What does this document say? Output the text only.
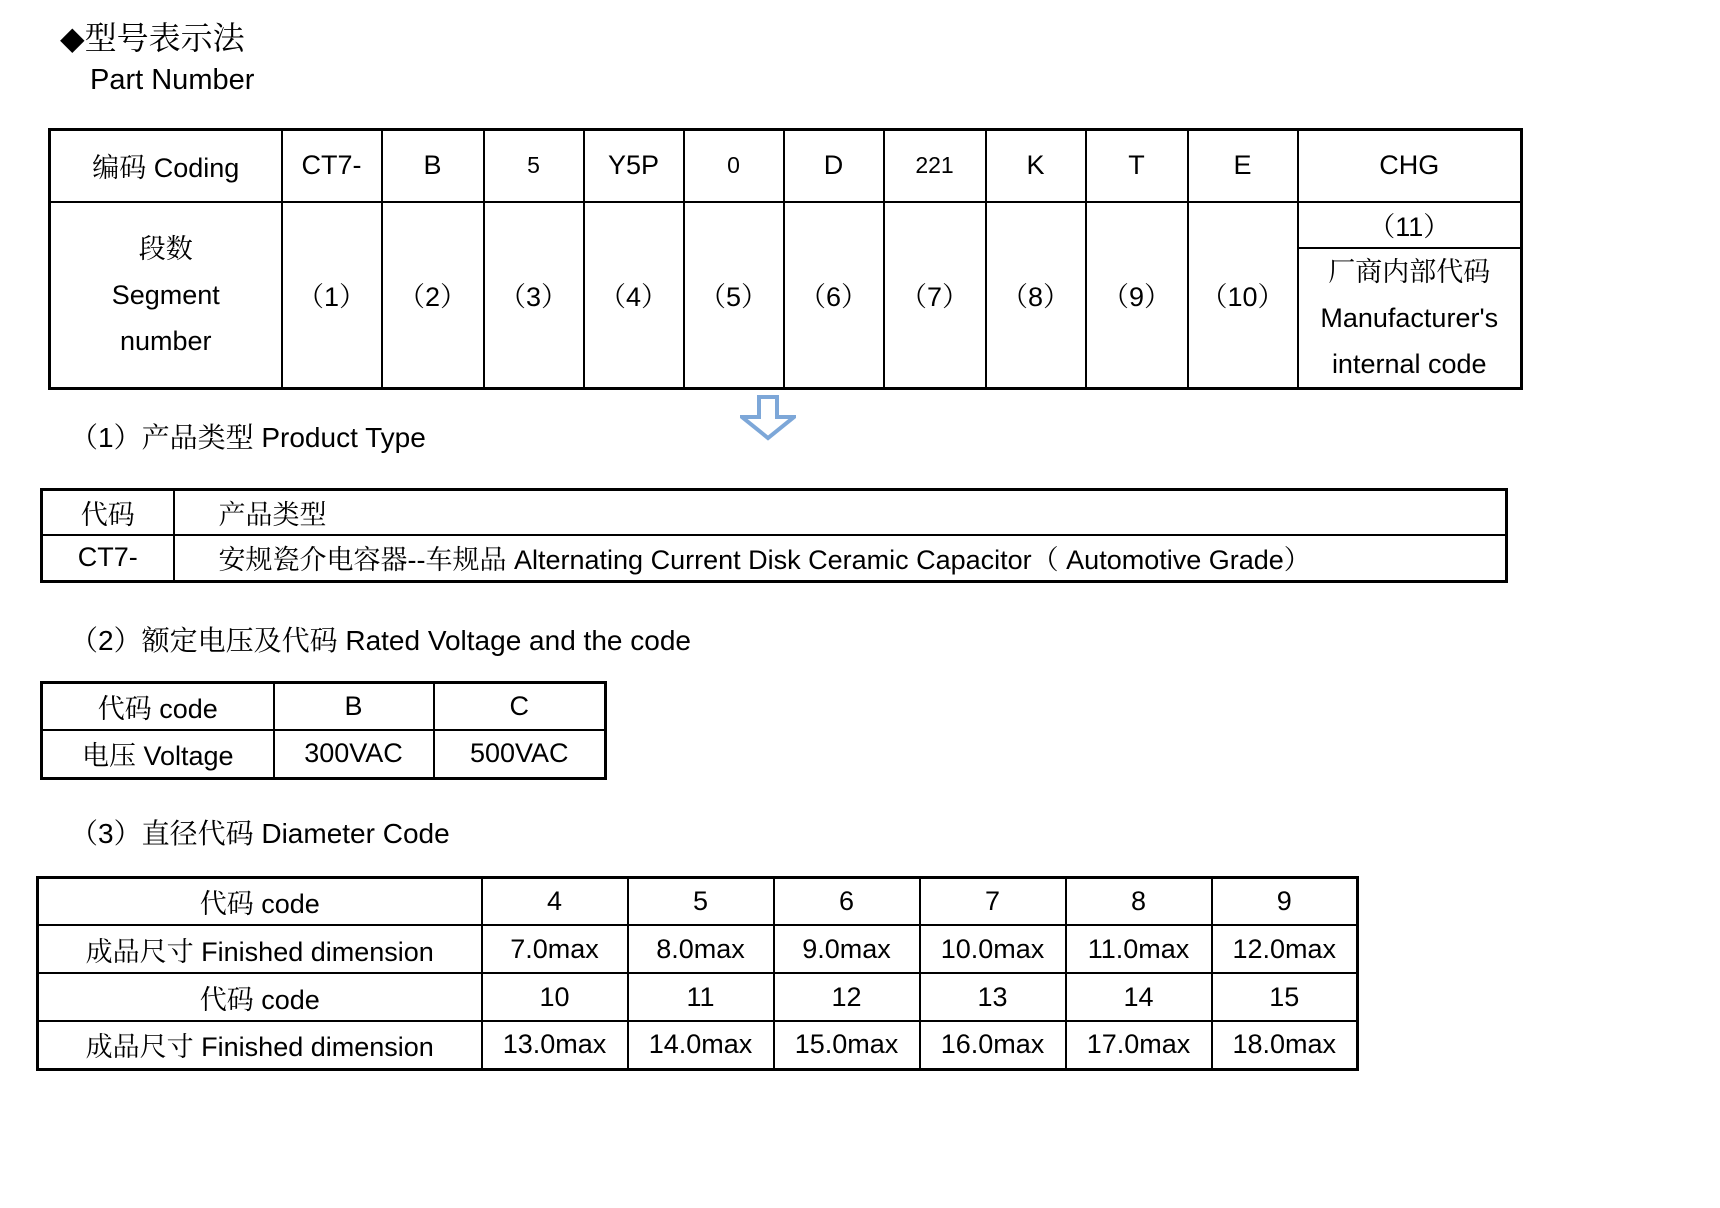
◆型号表示法
Part Number
编码 Coding	CT7-	B	5	Y5P	0	D	221	K	T	E	CHG

段数
Segment
number	（1）	（2）	（3）	（4）	（5）	（6）	（7）	（8）	（9）	（10）	（11）

											厂商内部代码
Manufacturer's
internal code
（1）产品类型 Product Type
代码	产品类型
CT7-	安规瓷介电容器--车规品 Alternating Current Disk Ceramic Capacitor（ Automotive Grade）
（2）额定电压及代码 Rated Voltage and the code
代码 code	B	C
电压 Voltage	300VAC	500VAC
（3）直径代码 Diameter Code
代码 code	4	5	6	7	8	9
成品尺寸 Finished dimension	7.0max	8.0max	9.0max	10.0max	11.0max	12.0max
代码 code	10	11	12	13	14	15
成品尺寸 Finished dimension	13.0max	14.0max	15.0max	16.0max	17.0max	18.0max
